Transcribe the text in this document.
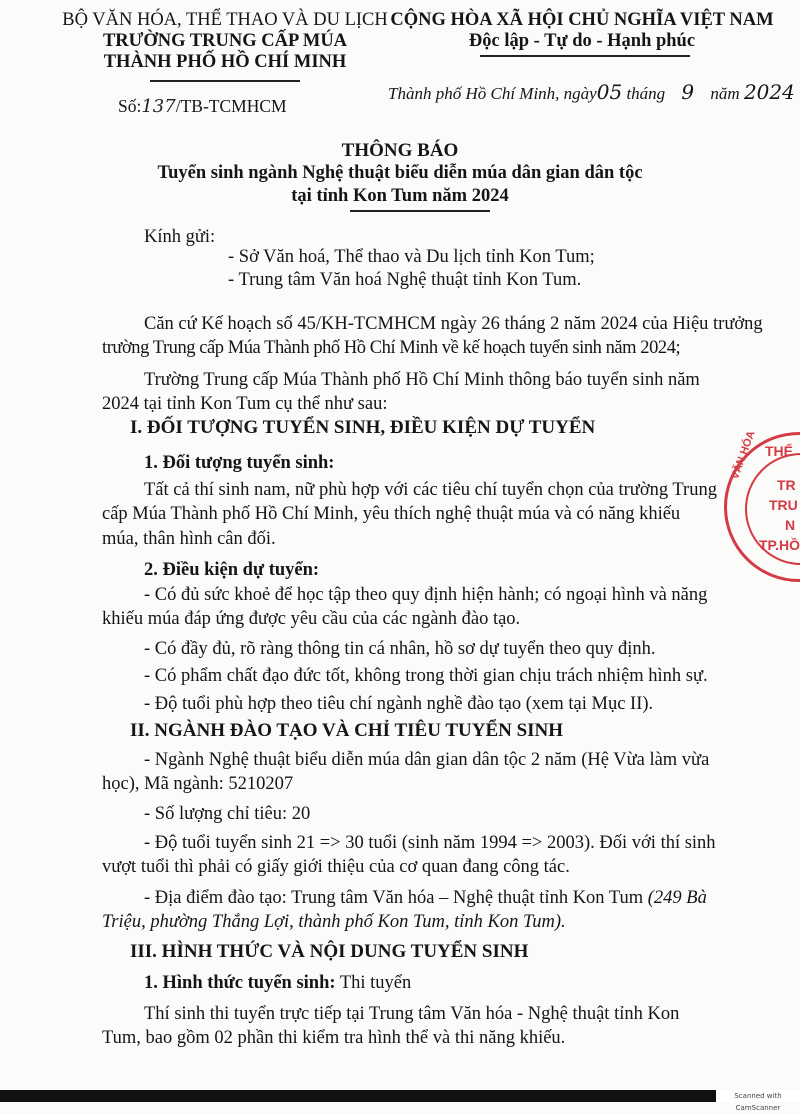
BỘ VĂN HÓA, THỂ THAO VÀ DU LỊCH
TRƯỜNG TRUNG CẤP MÚA
THÀNH PHỐ HỒ CHÍ MINH
CỘNG HÒA XÃ HỘI CHỦ NGHĨA VIỆT NAM
Độc lập - Tự do - Hạnh phúc
Số:137/TB-TCMHCM
Thành phố Hồ Chí Minh, ngày05 tháng 9 năm 2024
THÔNG BÁO
Tuyển sinh ngành Nghệ thuật biểu diễn múa dân gian dân tộc
tại tỉnh Kon Tum năm 2024
Kính gửi:
- Sở Văn hoá, Thể thao và Du lịch tỉnh Kon Tum;
- Trung tâm Văn hoá Nghệ thuật tỉnh Kon Tum.
Căn cứ Kế hoạch số 45/KH-TCMHCM ngày 26 tháng 2 năm 2024 của Hiệu trưởng
trường Trung cấp Múa Thành phố Hồ Chí Minh về kế hoạch tuyển sinh năm 2024;
Trường Trung cấp Múa Thành phố Hồ Chí Minh thông báo tuyển sinh năm
2024 tại tỉnh Kon Tum cụ thể như sau:
I. ĐỐI TƯỢNG TUYỂN SINH, ĐIỀU KIỆN DỰ TUYỂN
1. Đối tượng tuyển sinh:
Tất cả thí sinh nam, nữ phù hợp với các tiêu chí tuyển chọn của trường Trung
cấp Múa Thành phố Hồ Chí Minh, yêu thích nghệ thuật múa và có năng khiếu
múa, thân hình cân đối.
2. Điều kiện dự tuyển:
- Có đủ sức khoẻ để học tập theo quy định hiện hành; có ngoại hình và năng
khiếu múa đáp ứng được yêu cầu của các ngành đào tạo.
- Có đầy đủ, rõ ràng thông tin cá nhân, hồ sơ dự tuyển theo quy định.
- Có phẩm chất đạo đức tốt, không trong thời gian chịu trách nhiệm hình sự.
- Độ tuổi phù hợp theo tiêu chí ngành nghề đào tạo (xem tại Mục II).
II. NGÀNH ĐÀO TẠO VÀ CHỈ TIÊU TUYỂN SINH
- Ngành Nghệ thuật biểu diễn múa dân gian dân tộc 2 năm (Hệ Vừa làm vừa
học), Mã ngành: 5210207
- Số lượng chỉ tiêu: 20
- Độ tuổi tuyển sinh 21 => 30 tuổi (sinh năm 1994 => 2003). Đối với thí sinh
vượt tuổi thì phải có giấy giới thiệu của cơ quan đang công tác.
- Địa điểm đào tạo: Trung tâm Văn hóa – Nghệ thuật tỉnh Kon Tum (249 Bà
Triệu, phường Thắng Lợi, thành phố Kon Tum, tỉnh Kon Tum).
III. HÌNH THỨC VÀ NỘI DUNG TUYỂN SINH
1. Hình thức tuyển sinh: Thi tuyển
Thí sinh thi tuyển trực tiếp tại Trung tâm Văn hóa - Nghệ thuật tỉnh Kon
Tum, bao gồm 02 phần thi kiểm tra hình thể và thi năng khiếu.
THỂ
TR
TRU
N
TP.HỒ
VĂN HÓA
Scanned with CamScanner
